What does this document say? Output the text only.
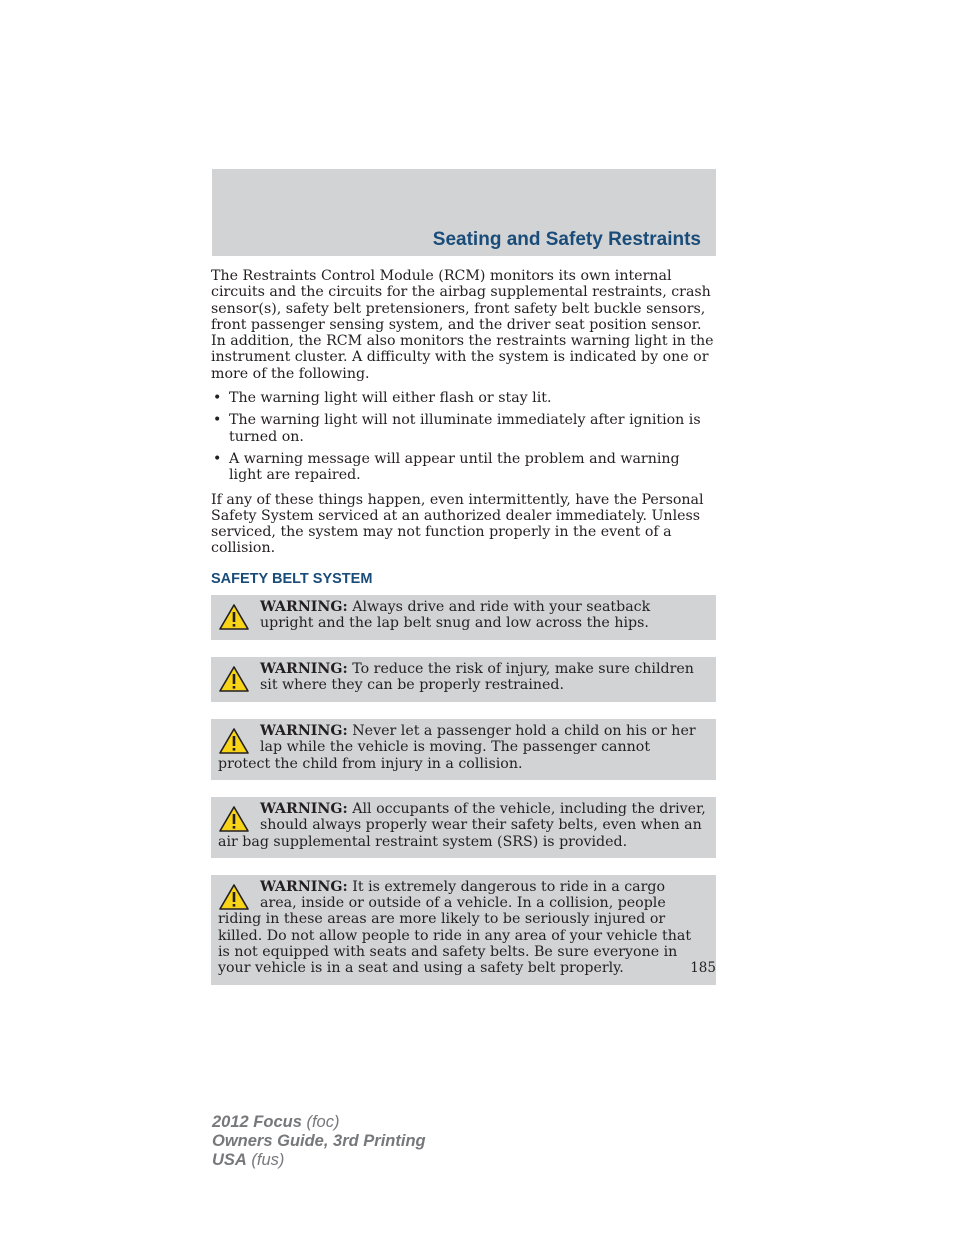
Seating and Safety Restraints

The Restraints Control Module (RCM) monitors its own internal circuits and the circuits for the airbag supplemental restraints, crash sensor(s), safety belt pretensioners, front safety belt buckle sensors, front passenger sensing system, and the driver seat position sensor. In addition, the RCM also monitors the restraints warning light in the instrument cluster. A difficulty with the system is indicated by one or more of the following.

• The warning light will either flash or stay lit.
• The warning light will not illuminate immediately after ignition is turned on.
• A warning message will appear until the problem and warning light are repaired.

If any of these things happen, even intermittently, have the Personal Safety System serviced at an authorized dealer immediately. Unless serviced, the system may not function properly in the event of a collision.

SAFETY BELT SYSTEM
WARNING: Always drive and ride with your seatback upright and the lap belt snug and low across the hips.
WARNING: To reduce the risk of injury, make sure children sit where they can be properly restrained.
WARNING: Never let a passenger hold a child on his or her lap while the vehicle is moving. The passenger cannot protect the child from injury in a collision.
WARNING: All occupants of the vehicle, including the driver, should always properly wear their safety belts, even when an air bag supplemental restraint system (SRS) is provided.
WARNING: It is extremely dangerous to ride in a cargo area, inside or outside of a vehicle. In a collision, people riding in these areas are more likely to be seriously injured or killed. Do not allow people to ride in any area of your vehicle that is not equipped with seats and safety belts. Be sure everyone in your vehicle is in a seat and using a safety belt properly.	185
2012 Focus (foc)
Owners Guide, 3rd Printing
USA (fus)
